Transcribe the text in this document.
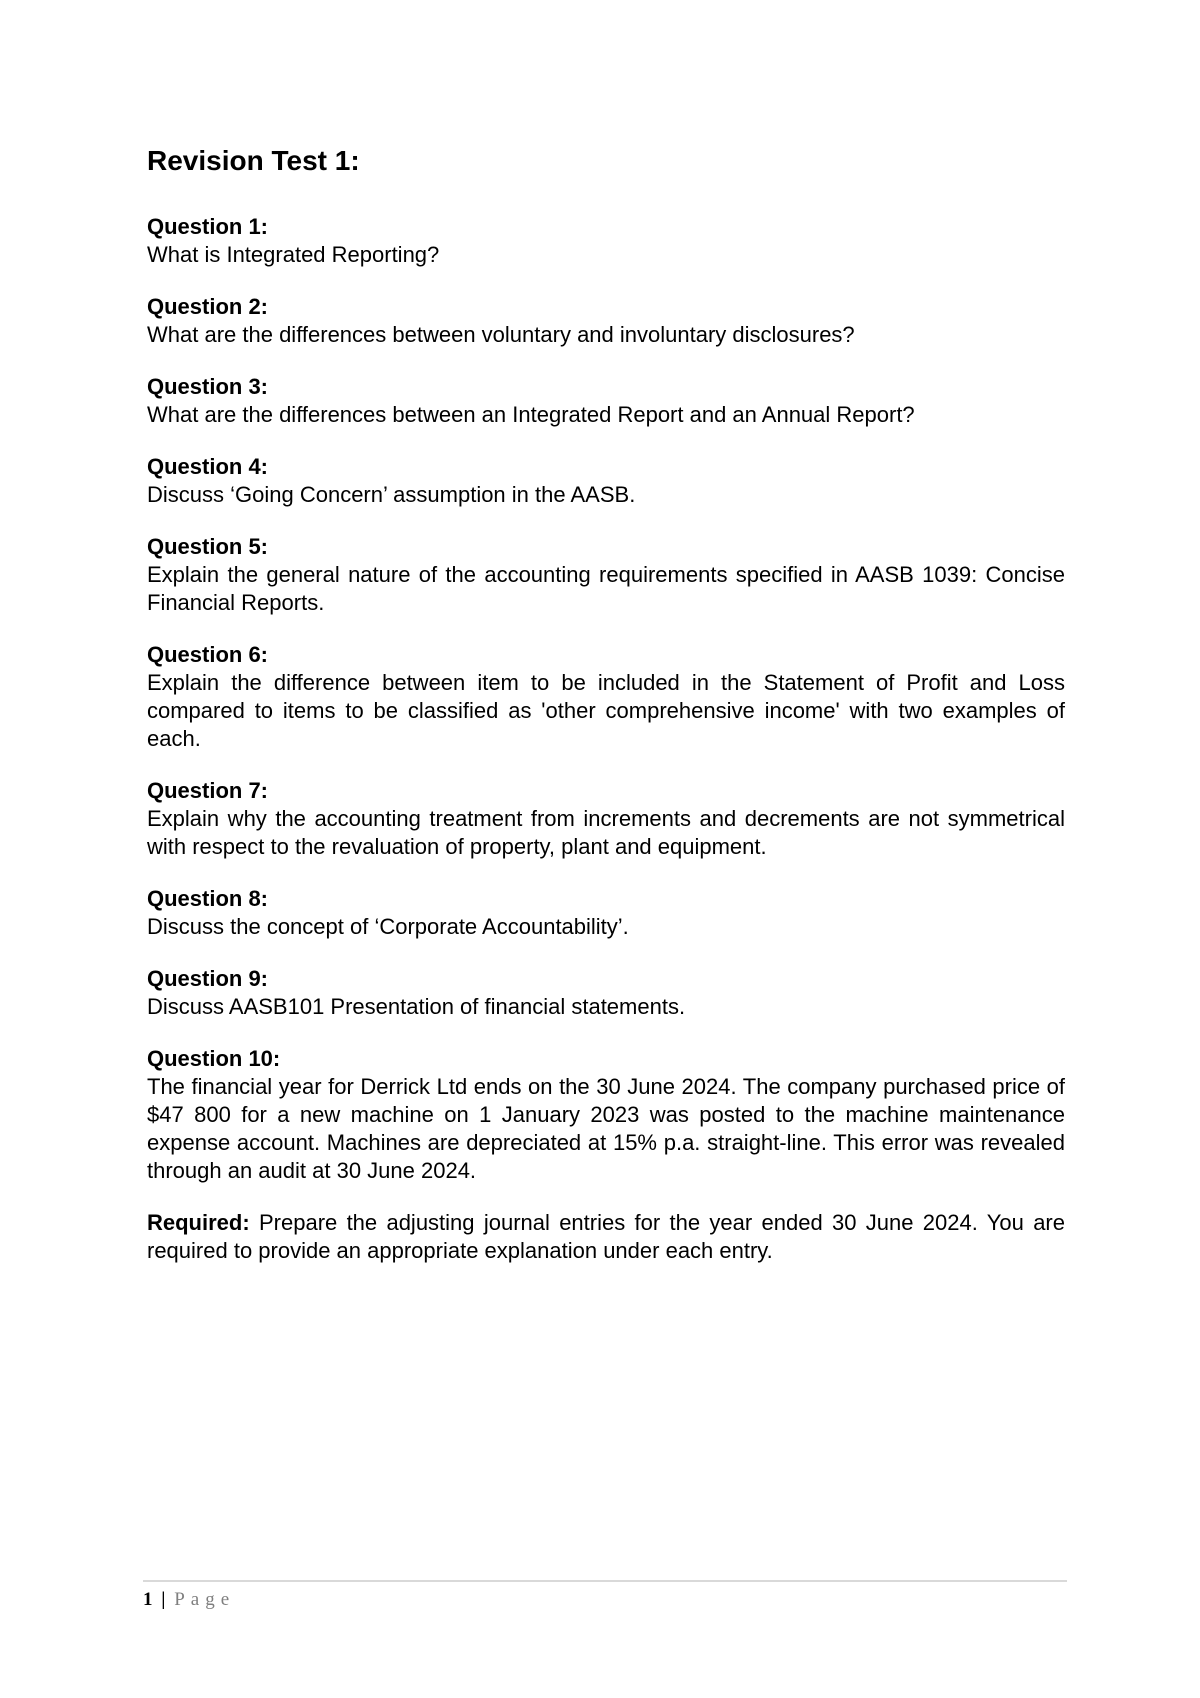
Revision Test 1:

Question 1:

What is Integrated Reporting?

Question 2:

What are the differences between voluntary and involuntary disclosures?

Question 3:

What are the differences between an Integrated Report and an Annual Report?

Question 4:

Discuss ‘Going Concern’ assumption in the AASB.

Question 5:

Explain the general nature of the accounting requirements specified in AASB 1039: Concise Financial Reports.

Question 6:

Explain the difference between item to be included in the Statement of Profit and Loss compared to items to be classified as 'other comprehensive income' with two examples of each.

Question 7:

Explain why the accounting treatment from increments and decrements are not symmetrical with respect to the revaluation of property, plant and equipment.

Question 8:

Discuss the concept of ‘Corporate Accountability’.

Question 9:

Discuss AASB101 Presentation of financial statements.

Question 10:

The financial year for Derrick Ltd ends on the 30 June 2024. The company purchased price of $47 800 for a new machine on 1 January 2023 was posted to the machine maintenance expense account. Machines are depreciated at 15% p.a. straight-line. This error was revealed through an audit at 30 June 2024.

Required: Prepare the adjusting journal entries for the year ended 30 June 2024. You are required to provide an appropriate explanation under each entry.

1 | Page
